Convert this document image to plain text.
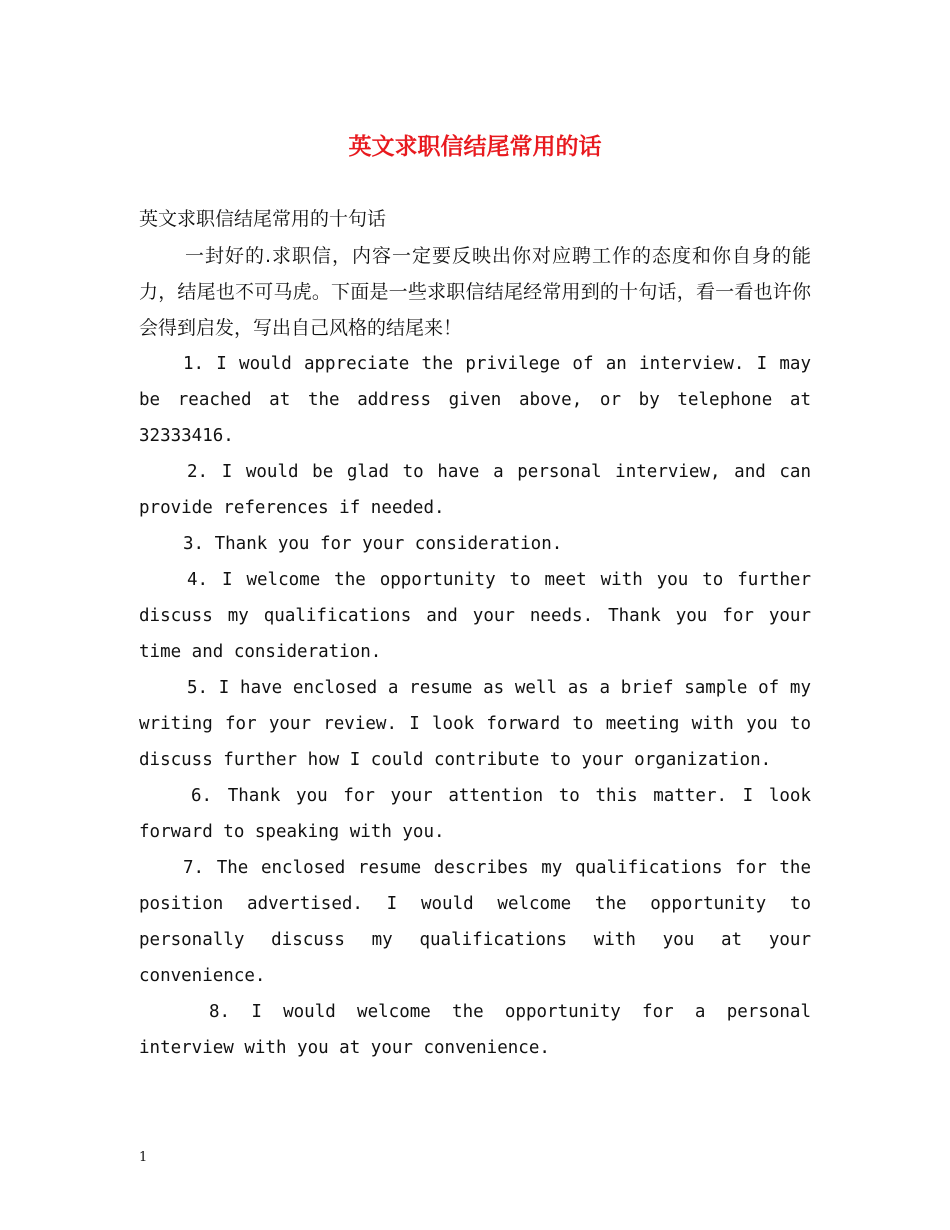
英文求职信结尾常用的话

英文求职信结尾常用的十句话

一封好的.求职信，内容一定要反映出你对应聘工作的态度和你自身的能力，结尾也不可马虎。下面是一些求职信结尾经常用到的十句话，看一看也许你会得到启发，写出自己风格的结尾来！

1. I would appreciate the privilege of an interview. I may be reached at the address given above, or by telephone at 32333416.

2. I would be glad to have a personal interview, and can provide references if needed.

3. Thank you for your consideration.

4. I welcome the opportunity to meet with you to further discuss my qualifications and your needs. Thank you for your time and consideration.

5. I have enclosed a resume as well as a brief sample of my writing for your review. I look forward to meeting with you to discuss further how I could contribute to your organization.

6. Thank you for your attention to this matter. I look forward to speaking with you.

7. The enclosed resume describes my qualifications for the position advertised. I would welcome the opportunity to personally discuss my qualifications with you at your convenience.

8. I would welcome the opportunity for a personal interview with you at your convenience.

1
